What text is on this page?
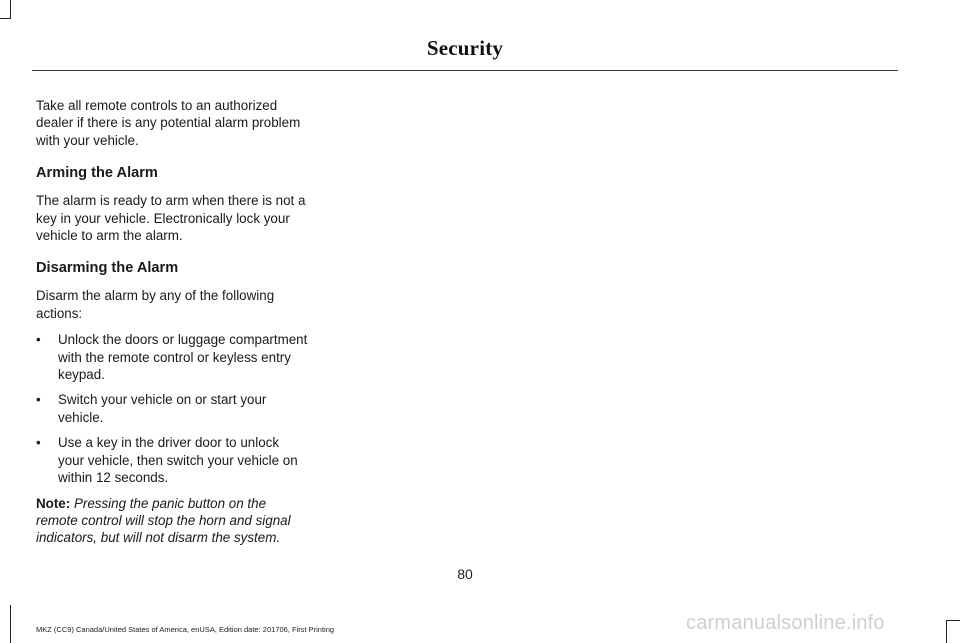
Security

Take all remote controls to an authorized dealer if there is any potential alarm problem with your vehicle.

Arming the Alarm

The alarm is ready to arm when there is not a key in your vehicle. Electronically lock your vehicle to arm the alarm.

Disarming the Alarm

Disarm the alarm by any of the following actions:

• Unlock the doors or luggage compartment with the remote control or keyless entry keypad.
• Switch your vehicle on or start your vehicle.
• Use a key in the driver door to unlock your vehicle, then switch your vehicle on within 12 seconds.

Note: Pressing the panic button on the remote control will stop the horn and signal indicators, but will not disarm the system.

80
MKZ (CC9) Canada/United States of America, enUSA, Edition date: 201706, First Printing	carmanualsonline.info
